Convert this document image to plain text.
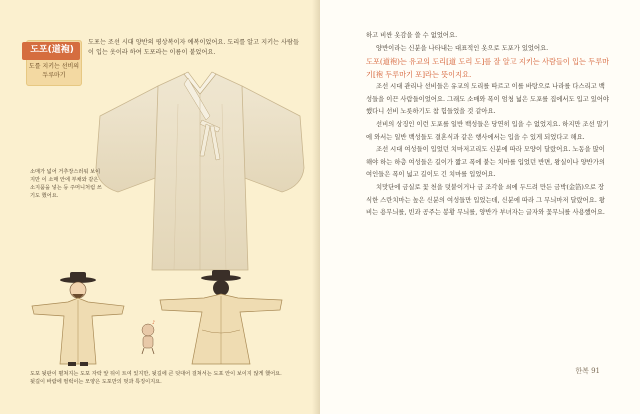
도포(道袍)
도를 지키는 선비의 두루마기
도포는 조선 시대 양반의 평상복이자 예복이었어요. 도리를 알고 지키는 사람들이 입는 옷이라 하여 도포라는 이름이 붙었어요.
소매가 넓어 거추장스러워 보이지만 이 소매 안에 부채와 같은 소지품을 넣는 등 주머니처럼 쓰기도 했어요.
♪
도포 뒷판이 펼쳐지는 도포 자락 앞 뒤이 트여 있지만, 뒷길에 큰 덧대어 걸쳐서는 도포 안이 보이지 않게 했어요. 뒷길이 바람에 펄럭이는 모양은 도포만의 멋과 특징이지요.

하고 비싼 옷감을 쓸 수 없었어요.

양반이라는 신분을 나타내는 대표적인 옷으로 도포가 있었어요.

도포(道袍)는 유교의 도리[道 도리 도]를 잘 알고 지키는 사람들이 입는 두루마기[袍 두루마기 포]라는 뜻이지요.

조선 시대 관리나 선비들은 유교의 도리를 따르고 이를 바탕으로 나라를 다스리고 백성들을 이끈 사람들이었어요. 그래도 소매와 폭이 엄청 넓은 도포를 집에서도 입고 있어야 했다니 선비 노릇하기도 참 힘들었을 것 같아요.

선비의 상징인 이런 도포를 일반 백성들은 당연히 입을 수 없었지요. 하지만 조선 말기에 와서는 일반 백성들도 결혼식과 같은 행사에서는 입을 수 있게 되었다고 해요.

조선 시대 여성들이 입었던 치마저고리도 신분에 따라 모양이 달랐어요. 노동을 많이 해야 하는 하층 여성들은 길이가 짧고 폭에 붙는 치마를 입었던 반면, 왕실이나 양반가의 여인들은 폭이 넓고 길이도 긴 치마를 입었어요.

치맛단에 금실로 꽃 천을 덧붙이거나 금 조각을 쇠에 두드려 만든 금박(金箔)으로 장식한 스란치마는 높은 신분의 여성들만 입었는데, 신분에 따라 그 무늬마저 달랐어요. 왕비는 용무늬를, 빈과 공주는 봉황 무늬를, 양반가 부녀자는 글자와 꽃무늬를 사용했어요.

한복 91
